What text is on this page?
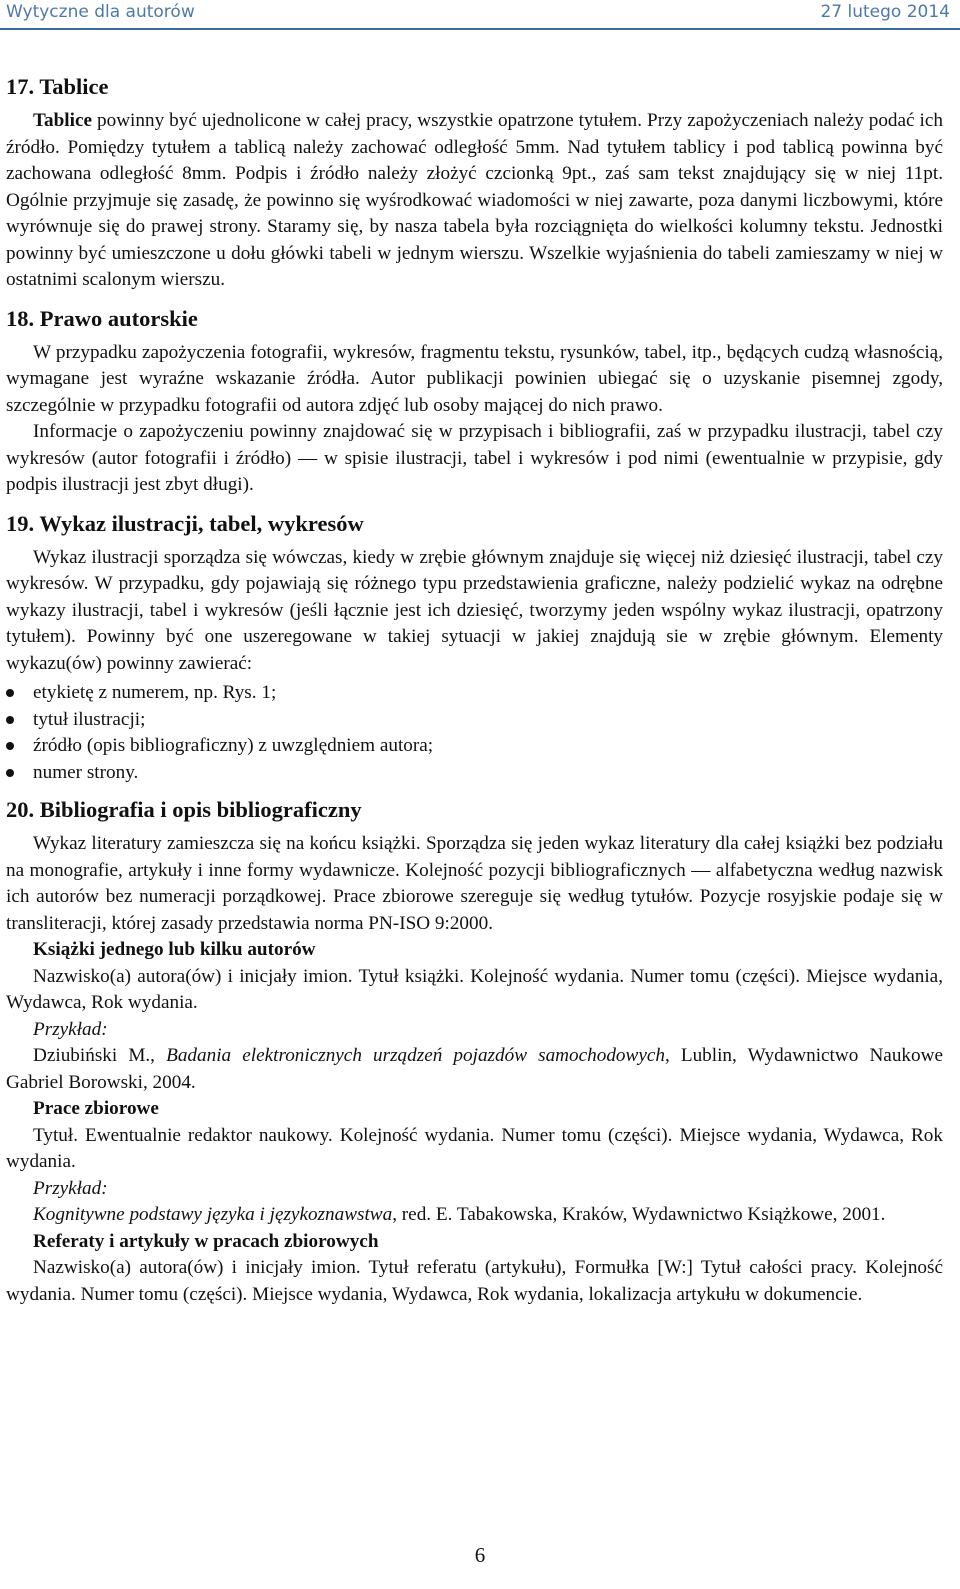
Wytyczne dla autorów	27 lutego 2014
17. Tablice

Tablice powinny być ujednolicone w całej pracy, wszystkie opatrzone tytułem. Przy zapożyczeniach należy podać ich źródło. Pomiędzy tytułem a tablicą należy zachować odległość 5mm. Nad tytułem tablicy i pod tablicą powinna być zachowana odległość 8mm. Podpis i źródło należy złożyć czcionką 9pt., zaś sam tekst znajdujący się w niej 11pt. Ogólnie przyjmuje się zasadę, że powinno się wyśrodkować wiadomości w niej zawarte, poza danymi liczbowymi, które wyrównuje się do prawej strony. Staramy się, by nasza tabela była rozciągnięta do wielkości kolumny tekstu. Jednostki powinny być umieszczone u dołu główki tabeli w jednym wierszu. Wszelkie wyjaśnienia do tabeli zamieszamy w niej w ostatnimi scalonym wierszu.

18. Prawo autorskie

W przypadku zapożyczenia fotografii, wykresów, fragmentu tekstu, rysunków, tabel, itp., będących cudzą własnością, wymagane jest wyraźne wskazanie źródła. Autor publikacji powinien ubiegać się o uzyskanie pisemnej zgody, szczególnie w przypadku fotografii od autora zdjęć lub osoby mającej do nich prawo.

Informacje o zapożyczeniu powinny znajdować się w przypisach i bibliografii, zaś w przypadku ilustracji, tabel czy wykresów (autor fotografii i źródło) ― w spisie ilustracji, tabel i wykresów i pod nimi (ewentualnie w przypisie, gdy podpis ilustracji jest zbyt długi).

19. Wykaz ilustracji, tabel, wykresów

Wykaz ilustracji sporządza się wówczas, kiedy w zrębie głównym znajduje się więcej niż dziesięć ilustracji, tabel czy wykresów. W przypadku, gdy pojawiają się różnego typu przedstawienia graficzne, należy podzielić wykaz na odrębne wykazy ilustracji, tabel i wykresów (jeśli łącznie jest ich dziesięć, tworzymy jeden wspólny wykaz ilustracji, opatrzony tytułem). Powinny być one uszeregowane w takiej sytuacji w jakiej znajdują sie w zrębie głównym. Elementy wykazu(ów) powinny zawierać:

etykietę z numerem, np. Rys. 1;
tytuł ilustracji;
źródło (opis bibliograficzny) z uwzględniem autora;
numer strony.
20. Bibliografia i opis bibliograficzny

Wykaz literatury zamieszcza się na końcu książki. Sporządza się jeden wykaz literatury dla całej książki bez podziału na monografie, artykuły i inne formy wydawnicze. Kolejność pozycji bibliograficznych ― alfabetyczna według nazwisk ich autorów bez numeracji porządkowej. Prace zbiorowe szereguje się według tytułów. Pozycje rosyjskie podaje się w transliteracji, której zasady przedstawia norma PN-ISO 9:2000.

Książki jednego lub kilku autorów

Nazwisko(a) autora(ów) i inicjały imion. Tytuł książki. Kolejność wydania. Numer tomu (części). Miejsce wydania, Wydawca, Rok wydania.

Przykład:

Dziubiński M., Badania elektronicznych urządzeń pojazdów samochodowych, Lublin, Wydawnictwo Naukowe Gabriel Borowski, 2004.

Prace zbiorowe

Tytuł. Ewentualnie redaktor naukowy. Kolejność wydania. Numer tomu (części). Miejsce wydania, Wydawca, Rok wydania.

Przykład:

Kognitywne podstawy języka i językoznawstwa, red. E. Tabakowska, Kraków, Wydawnictwo Książkowe, 2001.

Referaty i artykuły w pracach zbiorowych

Nazwisko(a) autora(ów) i inicjały imion. Tytuł referatu (artykułu), Formułka [W:] Tytuł całości pracy. Kolejność wydania. Numer tomu (części). Miejsce wydania, Wydawca, Rok wydania, lokalizacja artykułu w dokumencie.

6
